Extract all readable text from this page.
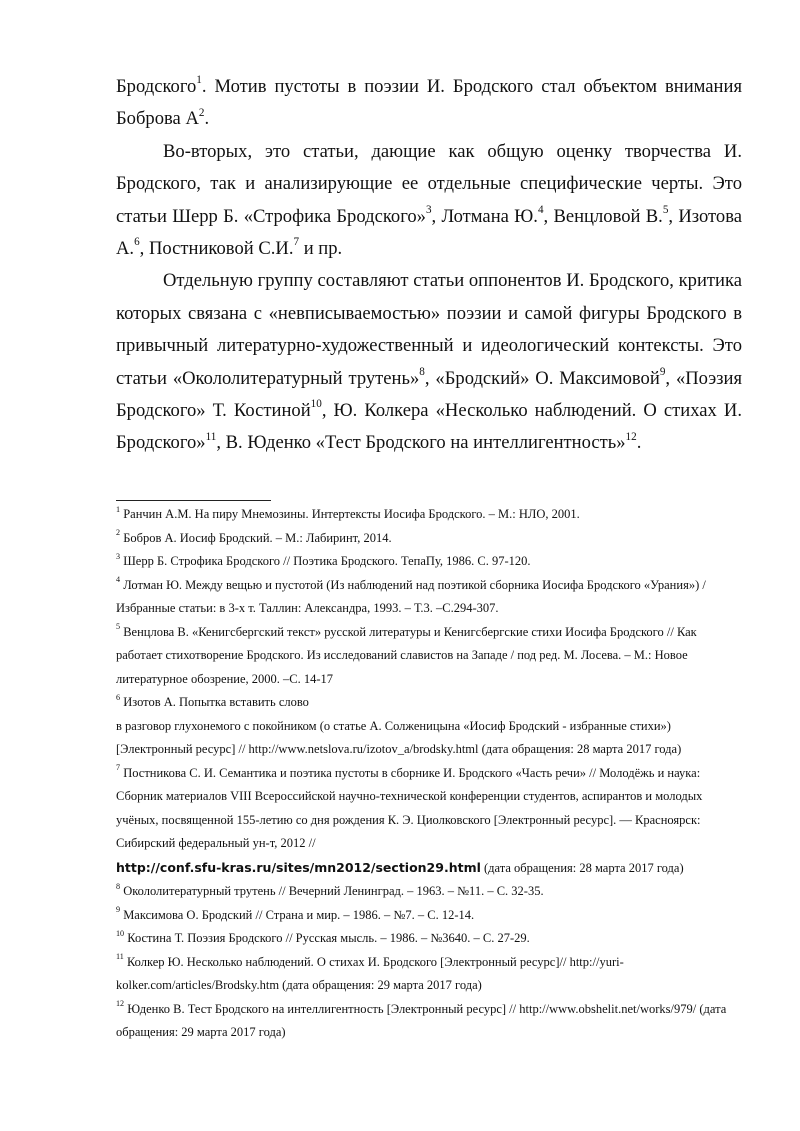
Бродского$^1$. Мотив пустоты в поэзии И. Бродского стал объектом внимания Боброва $А^2$.

Во-вторых, это статьи, дающие как общую оценку творчества И. Бродского, так и анализирующие ее отдельные специфические черты. Это статьи Шерр Б. «Строфика Бродского»$^3$, Лотмана Ю.$^4$, Венцловой В.$^5$, Изотова А.$^6$, Постниковой С.И.$^7$ и пр.

Отдельную группу составляют статьи оппонентов И. Бродского, критика которых связана с «невписываемостью» поэзии и самой фигуры Бродского в привычный литературно-художественный и идеологический контексты. Это статьи «Окололитературный трутень»$^8$, «Бродский» О. Максимовой$^9$, «Поэзия Бродского» Т. Костиной$^{10}$, Ю. Колкера «Несколько наблюдений. О стихах И. Бродского»$^{11}$, В. Юденко «Тест Бродского на интеллигентность»$^{12}$.

$^1$ Ранчин А.М. На пиру Мнемозины. Интертексты Иосифа Бродского. – М.: НЛО, 2001.

$^2$ Бобров А. Иосиф Бродский. – М.: Лабиринт, 2014.

$^3$ Шерр Б. Строфика Бродского // Поэтика Бродского. ТепаПу, 1986. С. 97-120.

$^4$ Лотман Ю. Между вещью и пустотой (Из наблюдений над поэтикой сборника Иосифа Бродского «Урания») / Избранные статьи: в 3-х т. Таллин: Александра, 1993. – Т.3. –С.294-307.

$^5$ Венцлова В. «Кенигсбергский текст» русской литературы и Кенигсбергские стихи Иосифа Бродского // Как работает стихотворение Бродского. Из исследований славистов на Западе / под ред. М. Лосева. – М.: Новое литературное обозрение, 2000. –С. 14-17

$^6$ Изотов А. Попытка вставить слово
в разговор глухонемого с покойником (о статье А. Солженицына «Иосиф Бродский - избранные стихи») [Электронный ресурс] // http://www.netslova.ru/izotov_a/brodsky.html (дата обращения: 28 марта 2017 года)

$^7$ Постникова С. И. Семантика и поэтика пустоты в сборнике И. Бродского «Часть речи» // Молодёжь и наука: Сборник материалов VIII Всероссийской научно-технической конференции студентов, аспирантов и молодых учёных, посвященной 155-летию со дня рождения К. Э. Циолковского [Электронный ресурс]. — Красноярск: Сибирский федеральный ун-т, 2012 //
http://conf.sfu-kras.ru/sites/mn2012/section29.html (дата обращения: 28 марта 2017 года)

$^8$ Окололитературный трутень // Вечерний Ленинград. – 1963. – №11. – С. 32-35.

$^9$ Максимова О. Бродский // Страна и мир. – 1986. – №7. – С. 12-14.

$^{10}$ Костина Т. Поэзия Бродского // Русская мысль. – 1986. – №3640. – С. 27-29.

$^{11}$ Колкер Ю. Несколько наблюдений. О стихах И. Бродского [Электронный ресурс]// http://yuri-kolker.com/articles/Brodsky.htm (дата обращения: 29 марта 2017 года)

$^{12}$ Юденко В. Тест Бродского на интеллигентность [Электронный ресурс] // http://www.obshelit.net/works/979/ (дата обращения: 29 марта 2017 года)
